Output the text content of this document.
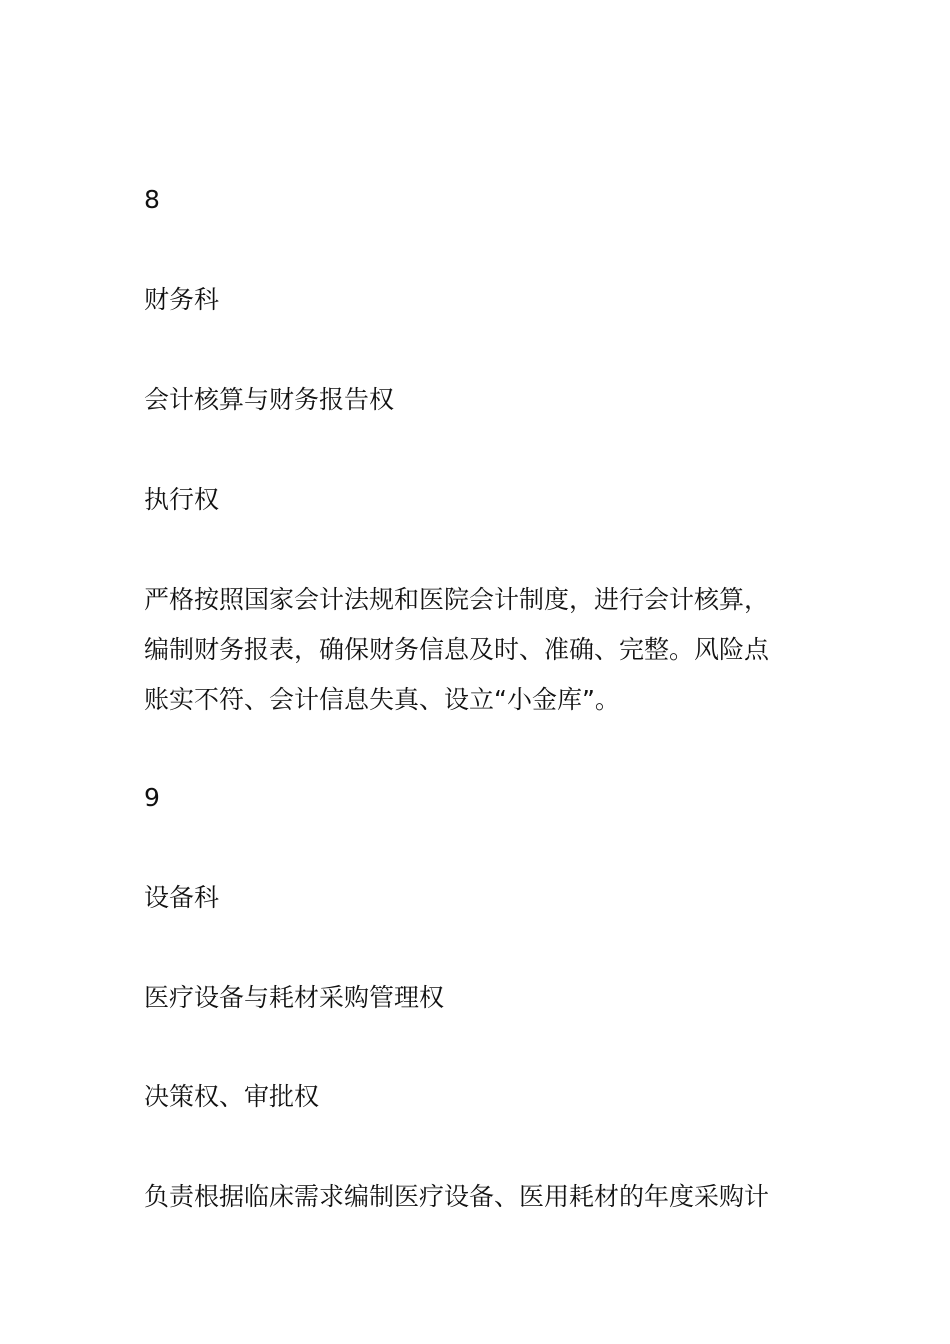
8
财务科
会计核算与财务报告权
执行权
严格按照国家会计法规和医院会计制度，进行会计核算，
编制财务报表，确保财务信息及时、准确、完整。风险点
账实不符、会计信息失真、设立“小金库”。
9
设备科
医疗设备与耗材采购管理权
决策权、审批权
负责根据临床需求编制医疗设备、医用耗材的年度采购计
